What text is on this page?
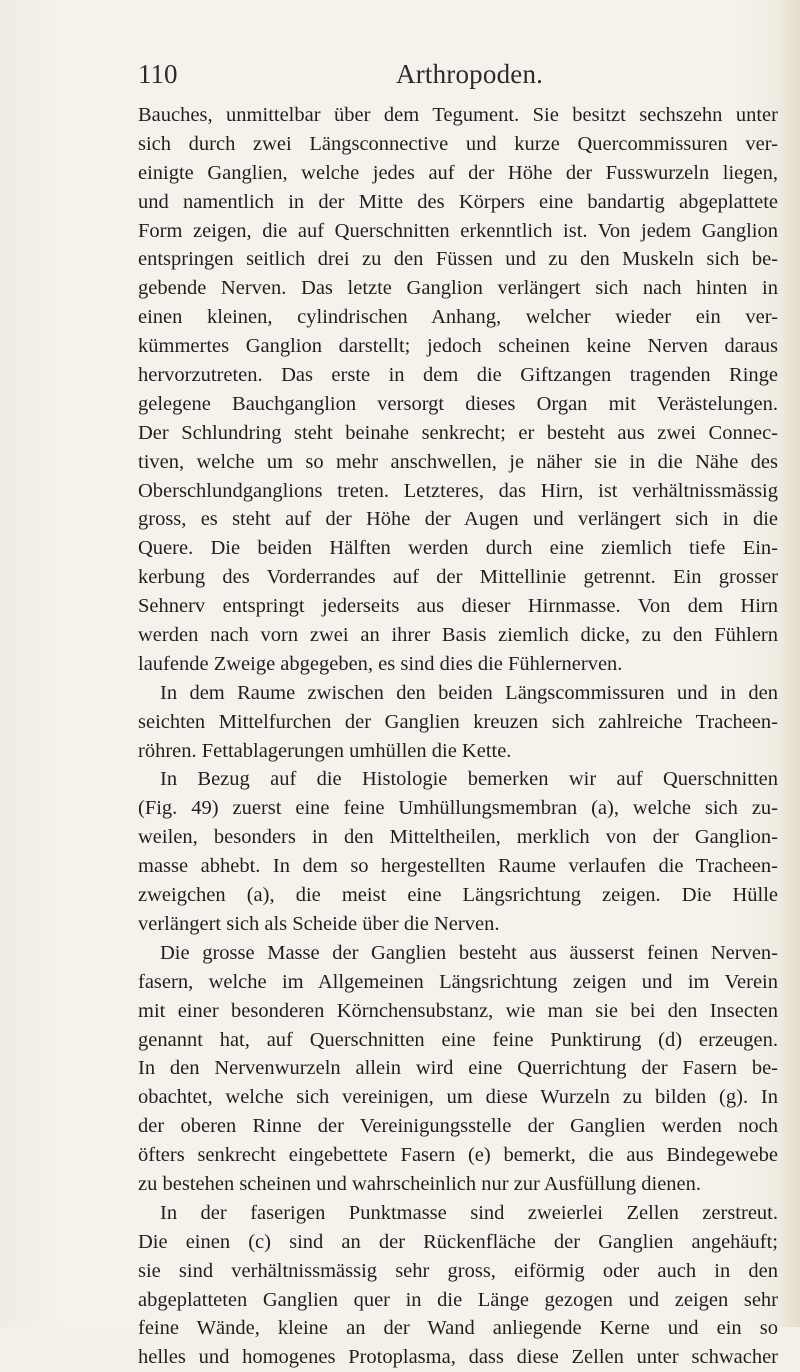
110	Arthropoden.
Bauches, unmittelbar über dem Tegument. Sie besitzt sechszehn unter
sich durch zwei Längsconnective und kurze Quercommissuren ver-
einigte Ganglien, welche jedes auf der Höhe der Fusswurzeln liegen,
und namentlich in der Mitte des Körpers eine bandartig abgeplattete
Form zeigen, die auf Querschnitten erkenntlich ist. Von jedem Ganglion
entspringen seitlich drei zu den Füssen und zu den Muskeln sich be-
gebende Nerven. Das letzte Ganglion verlängert sich nach hinten in
einen kleinen, cylindrischen Anhang, welcher wieder ein ver-
kümmertes Ganglion darstellt; jedoch scheinen keine Nerven daraus
hervorzutreten. Das erste in dem die Giftzangen tragenden Ringe
gelegene Bauchganglion versorgt dieses Organ mit Verästelungen.
Der Schlundring steht beinahe senkrecht; er besteht aus zwei Connec-
tiven, welche um so mehr anschwellen, je näher sie in die Nähe des
Oberschlundganglions treten. Letzteres, das Hirn, ist verhältnissmässig
gross, es steht auf der Höhe der Augen und verlängert sich in die
Quere. Die beiden Hälften werden durch eine ziemlich tiefe Ein-
kerbung des Vorderrandes auf der Mittellinie getrennt. Ein grosser
Sehnerv entspringt jederseits aus dieser Hirnmasse. Von dem Hirn
werden nach vorn zwei an ihrer Basis ziemlich dicke, zu den Fühlern
laufende Zweige abgegeben, es sind dies die Fühlernerven.
In dem Raume zwischen den beiden Längscommissuren und in den
seichten Mittelfurchen der Ganglien kreuzen sich zahlreiche Tracheen-
röhren. Fettablagerungen umhüllen die Kette.
In Bezug auf die Histologie bemerken wir auf Querschnitten
(Fig. 49) zuerst eine feine Umhüllungsmembran (a), welche sich zu-
weilen, besonders in den Mitteltheilen, merklich von der Ganglion-
masse abhebt. In dem so hergestellten Raume verlaufen die Tracheen-
zweigchen (a), die meist eine Längsrichtung zeigen. Die Hülle
verlängert sich als Scheide über die Nerven.
Die grosse Masse der Ganglien besteht aus äusserst feinen Nerven-
fasern, welche im Allgemeinen Längsrichtung zeigen und im Verein
mit einer besonderen Körnchensubstanz, wie man sie bei den Insecten
genannt hat, auf Querschnitten eine feine Punktirung (d) erzeugen.
In den Nervenwurzeln allein wird eine Querrichtung der Fasern be-
obachtet, welche sich vereinigen, um diese Wurzeln zu bilden (g). In
der oberen Rinne der Vereinigungsstelle der Ganglien werden noch
öfters senkrecht eingebettete Fasern (e) bemerkt, die aus Bindegewebe
zu bestehen scheinen und wahrscheinlich nur zur Ausfüllung dienen.
In der faserigen Punktmasse sind zweierlei Zellen zerstreut.
Die einen (c) sind an der Rückenfläche der Ganglien angehäuft;
sie sind verhältnissmässig sehr gross, eiförmig oder auch in den
abgeplatteten Ganglien quer in die Länge gezogen und zeigen sehr
feine Wände, kleine an der Wand anliegende Kerne und ein so
helles und homogenes Protoplasma, dass diese Zellen unter schwacher
